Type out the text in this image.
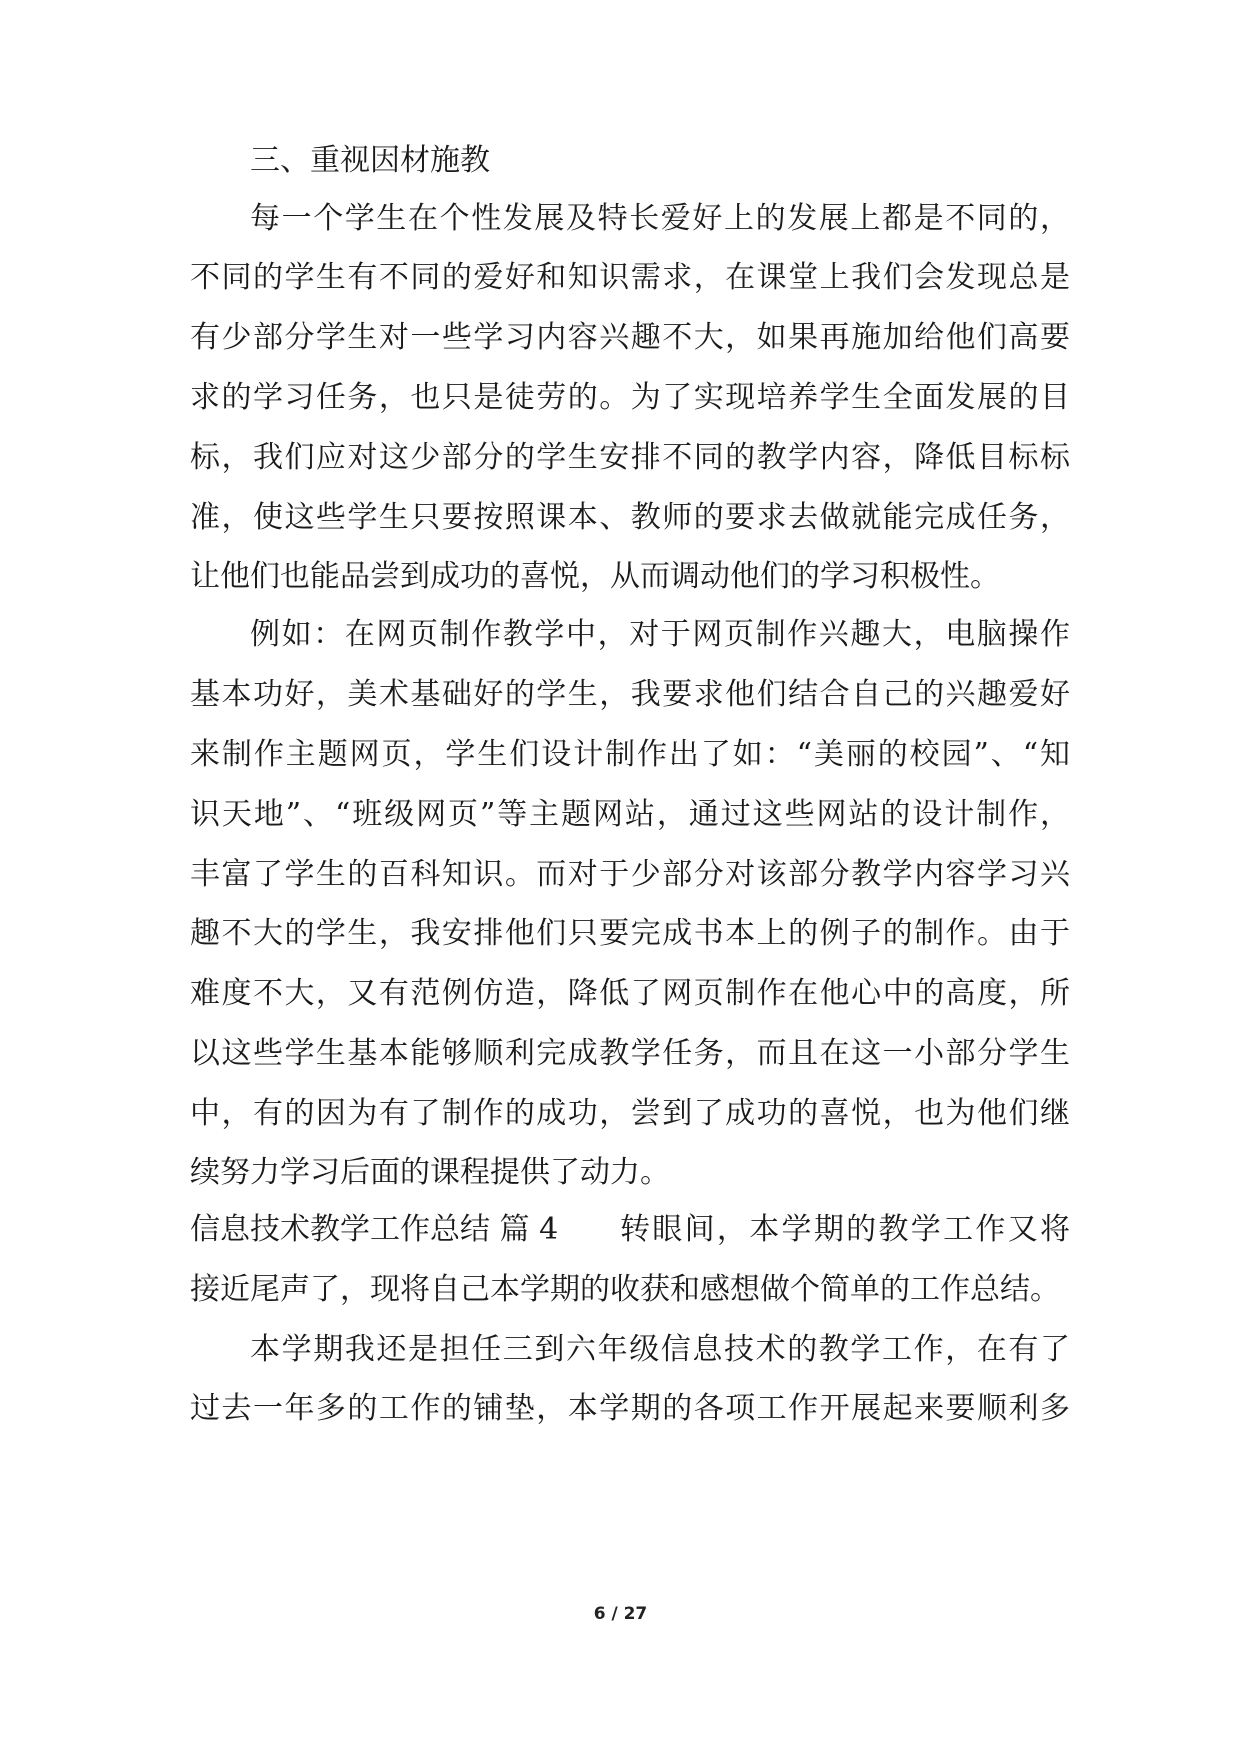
三、重视因材施教
每一个学生在个性发展及特长爱好上的发展上都是不同的，
不同的学生有不同的爱好和知识需求，在课堂上我们会发现总是
有少部分学生对一些学习内容兴趣不大，如果再施加给他们高要
求的学习任务，也只是徒劳的。为了实现培养学生全面发展的目
标，我们应对这少部分的学生安排不同的教学内容，降低目标标
准，使这些学生只要按照课本、教师的要求去做就能完成任务，
让他们也能品尝到成功的喜悦，从而调动他们的学习积极性。
例如：在网页制作教学中，对于网页制作兴趣大，电脑操作
基本功好，美术基础好的学生，我要求他们结合自己的兴趣爱好
来制作主题网页，学生们设计制作出了如：“美丽的校园”、“知
识天地”、“班级网页”等主题网站，通过这些网站的设计制作，
丰富了学生的百科知识。而对于少部分对该部分教学内容学习兴
趣不大的学生，我安排他们只要完成书本上的例子的制作。由于
难度不大，又有范例仿造，降低了网页制作在他心中的高度，所
以这些学生基本能够顺利完成教学任务，而且在这一小部分学生
中，有的因为有了制作的成功，尝到了成功的喜悦，也为他们继
续努力学习后面的课程提供了动力。
信息技术教学工作总结 篇 4 转眼间，本学期的教学工作又将
接近尾声了，现将自己本学期的收获和感想做个简单的工作总结。
本学期我还是担任三到六年级信息技术的教学工作，在有了
过去一年多的工作的铺垫，本学期的各项工作开展起来要顺利多
6 / 27
